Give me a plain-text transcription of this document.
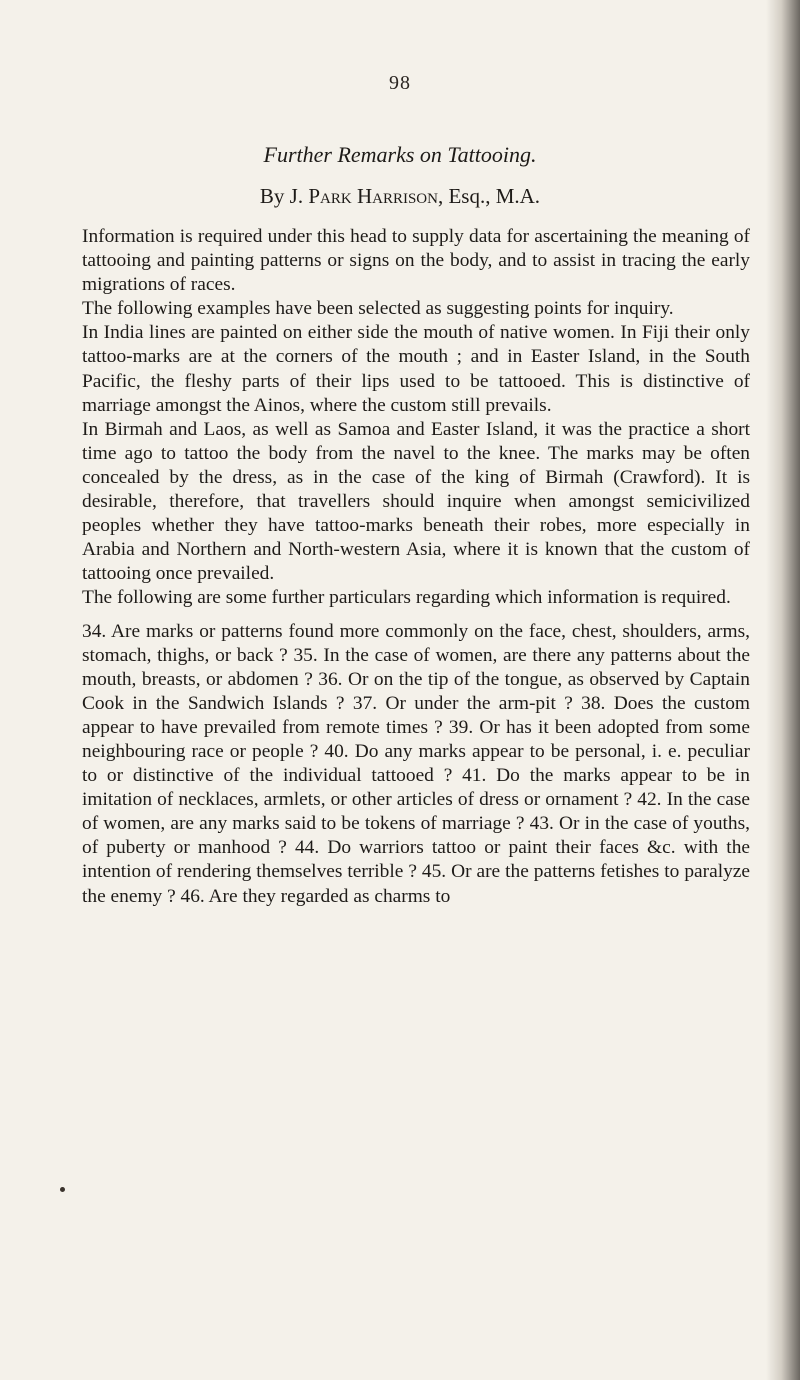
98
Further Remarks on Tattooing.
By J. Park Harrison, Esq., M.A.

Information is required under this head to supply data for ascertaining the meaning of tattooing and painting patterns or signs on the body, and to assist in tracing the early migrations of races.

The following examples have been selected as suggesting points for inquiry.

In India lines are painted on either side the mouth of native women. In Fiji their only tattoo-marks are at the corners of the mouth ; and in Easter Island, in the South Pacific, the fleshy parts of their lips used to be tattooed. This is distinctive of marriage amongst the Ainos, where the custom still prevails.

In Birmah and Laos, as well as Samoa and Easter Island, it was the practice a short time ago to tattoo the body from the navel to the knee. The marks may be often concealed by the dress, as in the case of the king of Birmah (Crawford). It is desirable, therefore, that travellers should inquire when amongst semicivilized peoples whether they have tattoo-marks beneath their robes, more especially in Arabia and Northern and North-western Asia, where it is known that the custom of tattooing once prevailed.

The following are some further particulars regarding which information is required.

34. Are marks or patterns found more commonly on the face, chest, shoulders, arms, stomach, thighs, or back ? 35. In the case of women, are there any patterns about the mouth, breasts, or abdomen ? 36. Or on the tip of the tongue, as observed by Captain Cook in the Sandwich Islands ? 37. Or under the arm-pit ? 38. Does the custom appear to have prevailed from remote times ? 39. Or has it been adopted from some neighbouring race or people ? 40. Do any marks appear to be personal, i. e. peculiar to or distinctive of the individual tattooed ? 41. Do the marks appear to be in imitation of necklaces, armlets, or other articles of dress or ornament ? 42. In the case of women, are any marks said to be tokens of marriage ? 43. Or in the case of youths, of puberty or manhood ? 44. Do warriors tattoo or paint their faces &c. with the intention of rendering themselves terrible ? 45. Or are the patterns fetishes to paralyze the enemy ? 46. Are they regarded as charms to
